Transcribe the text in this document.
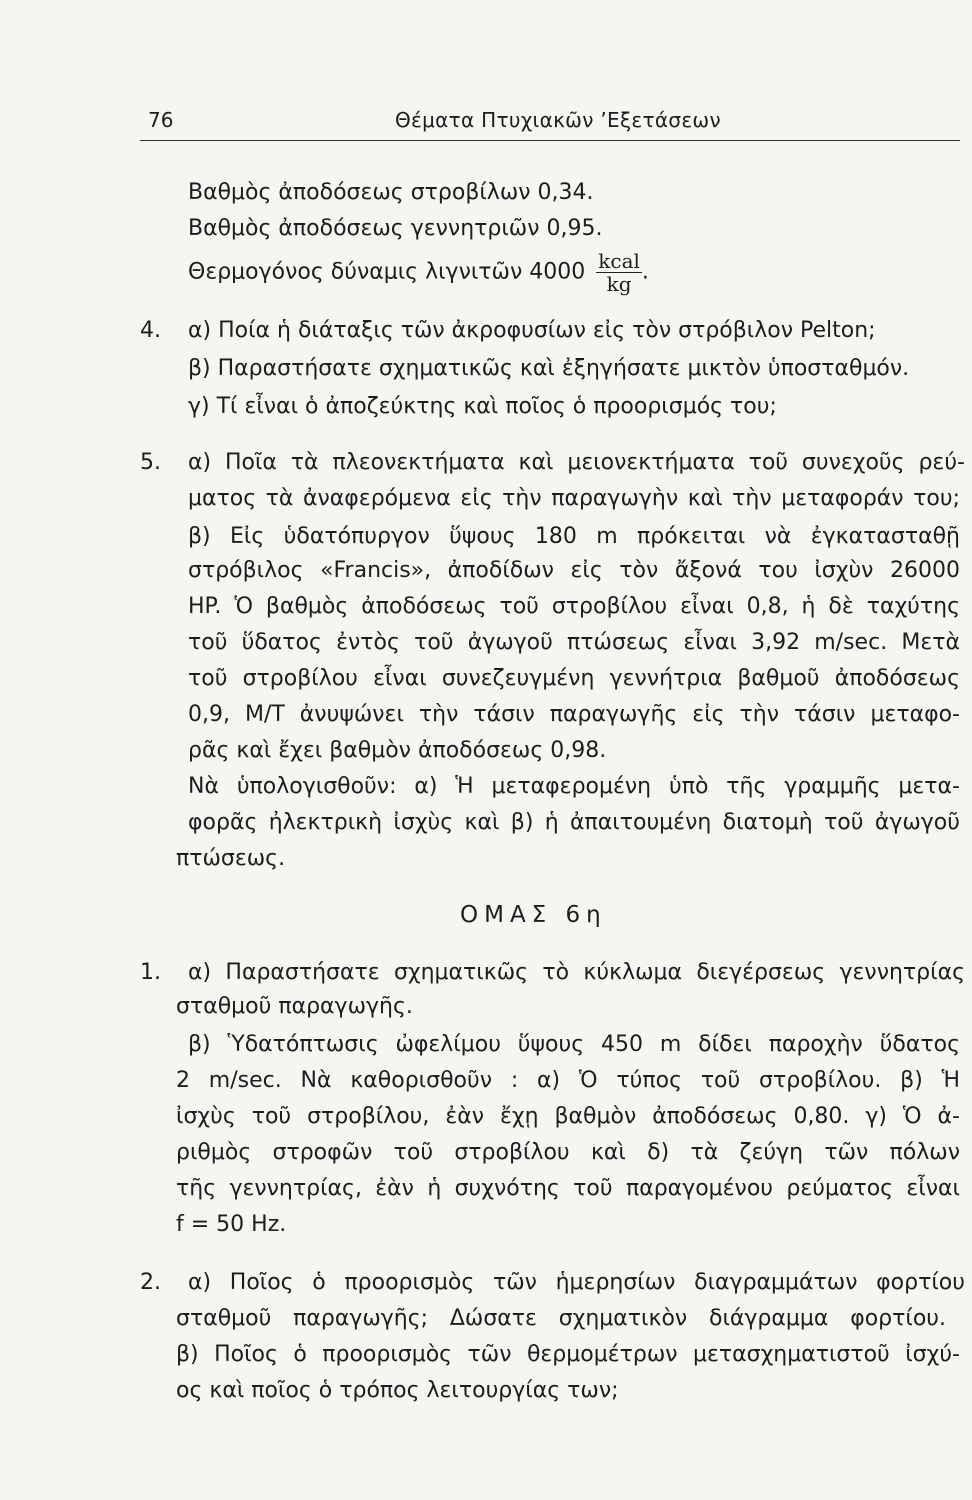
76	Θέματα Πτυχιακῶν ’Εξετάσεων
Βαθμὸς ἀποδόσεως στροβίλων 0,34.
Βαθμὸς ἀποδόσεως γεννητριῶν 0,95.
Θερμογόνος δύναμις λιγνιτῶν $4000 \frac{\text{kcal}}{kg}$ .
4. α) Ποία ἡ διάταξις τῶν ἀκροφυσίων εἰς τὸν στρόβιλον Pelton;
β) Παραστήσατε σχηματικῶς καὶ ἐξηγήσατε μικτὸν ὑποσταθμόν.
γ) Τί εἶναι ὁ ἀποζεύκτης καὶ ποῖος ὁ προορισμός του;
5. α) Ποῖα τὰ πλεονεκτήματα καὶ μειονεκτήματα τοῦ συνεχοῦς ρεύ-
ματος τὰ ἀναφερόμενα εἰς τὴν παραγωγὴν καὶ τὴν μεταφοράν του;
β) Εἰς ὑδατόπυργον ὕψους 180 m πρόκειται νὰ ἐγκατασταθῇ
στρόβιλος «Francis», ἀποδίδων εἰς τὸν ἄξονά του ἰσχὺν 26000
HP. Ὁ βαθμὸς ἀποδόσεως τοῦ στροβίλου εἶναι 0,8, ἡ δὲ ταχύτης
τοῦ ὕδατος ἐντὸς τοῦ ἀγωγοῦ πτώσεως εἶναι 3,92 m/sec. Μετὰ
τοῦ στροβίλου εἶναι συνεζευγμένη γεννήτρια βαθμοῦ ἀποδόσεως
0,9, Μ/Τ ἀνυψώνει τὴν τάσιν παραγωγῆς εἰς τὴν τάσιν μεταφο-
ρᾶς καὶ ἔχει βαθμὸν ἀποδόσεως 0,98.
Νὰ ὑπολογισθοῦν: α) Ἡ μεταφερομένη ὑπὸ τῆς γραμμῆς μετα-
φορᾶς ἠλεκτρικὴ ἰσχὺς καὶ β) ἡ ἀπαιτουμένη διατομὴ τοῦ ἀγωγοῦ
πτώσεως.
ΟΜΑΣ 6η
1. α) Παραστήσατε σχηματικῶς τὸ κύκλωμα διεγέρσεως γεννητρίας
σταθμοῦ παραγωγῆς.
β) Ὑδατόπτωσις ὠφελίμου ὕψους 450 m δίδει παροχὴν ὕδατος
2 m/sec. Νὰ καθορισθοῦν : α) Ὁ τύπος τοῦ στροβίλου. β) Ἡ
ἰσχὺς τοῦ στροβίλου, ἐὰν ἔχῃ βαθμὸν ἀποδόσεως 0,80. γ) Ὁ ἀ-
ριθμὸς στροφῶν τοῦ στροβίλου καὶ δ) τὰ ζεύγη τῶν πόλων
τῆς γεννητρίας, ἐὰν ἡ συχνότης τοῦ παραγομένου ρεύματος εἶναι
f = 50 Hz.
2. α) Ποῖος ὁ προορισμὸς τῶν ἡμερησίων διαγραμμάτων φορτίου
σταθμοῦ παραγωγῆς; Δώσατε σχηματικὸν διάγραμμα φορτίου.
β) Ποῖος ὁ προορισμὸς τῶν θερμομέτρων μετασχηματιστοῦ ἰσχύ-
ος καὶ ποῖος ὁ τρόπος λειτουργίας των;
